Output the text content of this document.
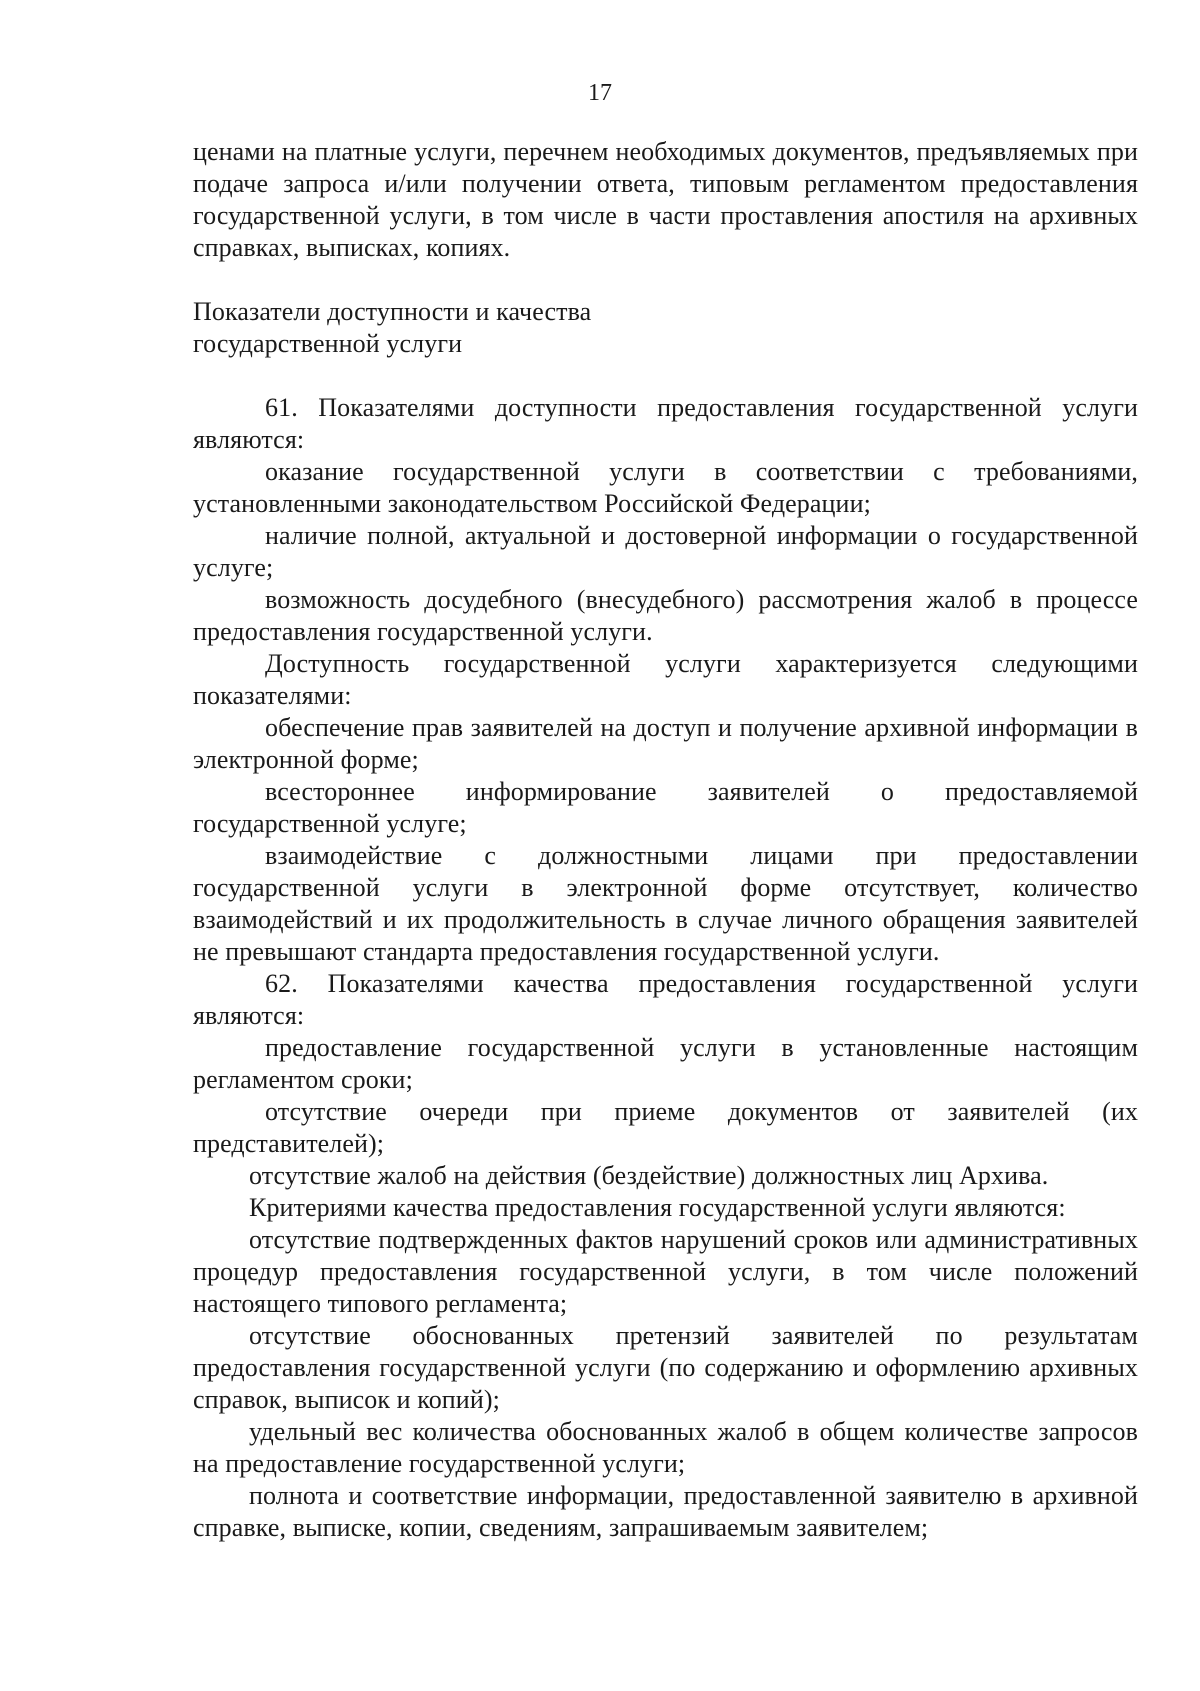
17

ценами на платные услуги, перечнем необходимых документов, предъявляемых при подаче запроса и/или получении ответа, типовым регламентом предоставления государственной услуги, в том числе в части проставления апостиля на архивных справках, выписках, копиях.

Показатели доступности и качества
государственной услуги

61. Показателями доступности предоставления государственной услуги являются:

оказание государственной услуги в соответствии с требованиями, установленными законодательством Российской Федерации;

наличие полной, актуальной и достоверной информации о государственной услуге;

возможность досудебного (внесудебного) рассмотрения жалоб в процессе предоставления государственной услуги.

Доступность государственной услуги характеризуется следующими показателями:

обеспечение прав заявителей на доступ и получение архивной информации в электронной форме;

всестороннее информирование заявителей о предоставляемой государственной услуге;

взаимодействие с должностными лицами при предоставлении государственной услуги в электронной форме отсутствует, количество взаимодействий и их продолжительность в случае личного обращения заявителей не превышают стандарта предоставления государственной услуги.

62. Показателями качества предоставления государственной услуги являются:

предоставление государственной услуги в установленные настоящим регламентом сроки;

отсутствие очереди при приеме документов от заявителей (их представителей);

отсутствие жалоб на действия (бездействие) должностных лиц Архива.

Критериями качества предоставления государственной услуги являются:

отсутствие подтвержденных фактов нарушений сроков или административных процедур предоставления государственной услуги, в том числе положений настоящего типового регламента;

отсутствие обоснованных претензий заявителей по результатам предоставления государственной услуги (по содержанию и оформлению архивных справок, выписок и копий);

удельный вес количества обоснованных жалоб в общем количестве запросов на предоставление государственной услуги;

полнота и соответствие информации, предоставленной заявителю в архивной справке, выписке, копии, сведениям, запрашиваемым заявителем;
